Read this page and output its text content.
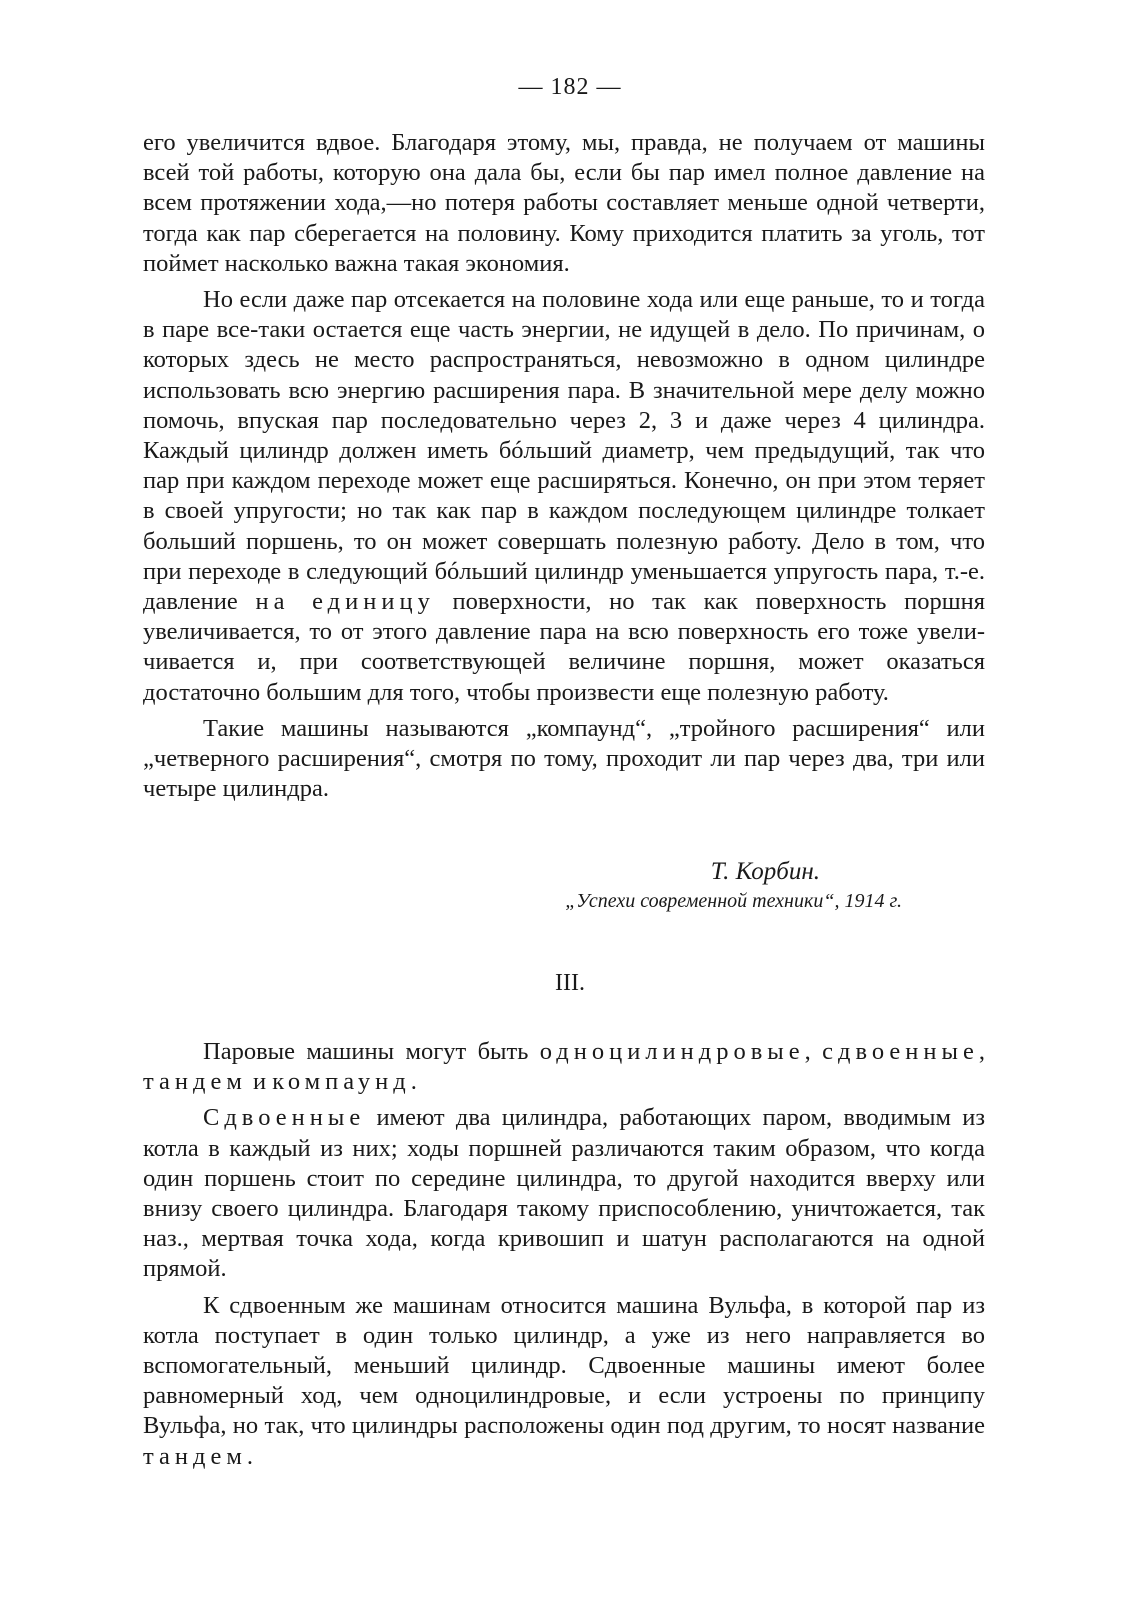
— 182 —

его увеличится вдвое. Благодаря этому, мы, правда, не получаем от машины всей той работы, которую она дала бы, если бы пар имел полное давление на всем протяжении хода,—но потеря работы составляет меньше одной четверти, тогда как пар сберегается на половину. Кому приходится платить за уголь, тот поймет насколько важна такая экономия.

Но если даже пар отсекается на половине хода или еще раньше, то и тогда в паре все-таки остается еще часть энергии, не идущей в дело. По причинам, о которых здесь не место распространяться, невозможно в одном цилиндре использовать всю энергию расширения пара. В значительной мере делу можно помочь, впуская пар последовательно через 2, 3 и даже через 4 цилиндра. Каждый цилиндр должен иметь бóльший диаметр, чем предыдущий, так что пар при каждом переходе может еще расширяться. Конечно, он при этом теряет в своей упругости; но так как пар в каждом последующем цилиндре толкает больший поршень, то он может совершать полезную работу. Дело в том, что при переходе в следующий бóльший цилиндр уменьшается упругость пара, т.-е. давление на единицу поверхности, но так как поверхность поршня увеличивается, то от этого давление пара на всю поверхность его тоже увеличивается и, при соответствующей величине поршня, может оказаться достаточно большим для того, чтобы произвести еще полезную работу.

Такие машины называются „компаунд“, „тройного расширения“ или „четверного расширения“, смотря по тому, проходит ли пар через два, три или четыре цилиндра.

Т. Корбин.
„Успехи современной техники“, 1914 г.
III.

Паровые машины могут быть одноцилиндровые, сдвоенные, тандем и компаунд.

Сдвоенные имеют два цилиндра, работающих паром, вводимым из котла в каждый из них; ходы поршней различаются таким образом, что когда один поршень стоит по середине цилиндра, то другой находится вверху или внизу своего цилиндра. Благодаря такому приспособлению, уничтожается, так наз., мертвая точка хода, когда кривошип и шатун располагаются на одной прямой.

К сдвоенным же машинам относится машина Вульфа, в которой пар из котла поступает в один только цилиндр, а уже из него направляется во вспомогательный, меньший цилиндр. Сдвоенные машины имеют более равномерный ход, чем одноцилиндровые, и если устроены по принципу Вульфа, но так, что цилиндры расположены один под другим, то носят название тандем.
